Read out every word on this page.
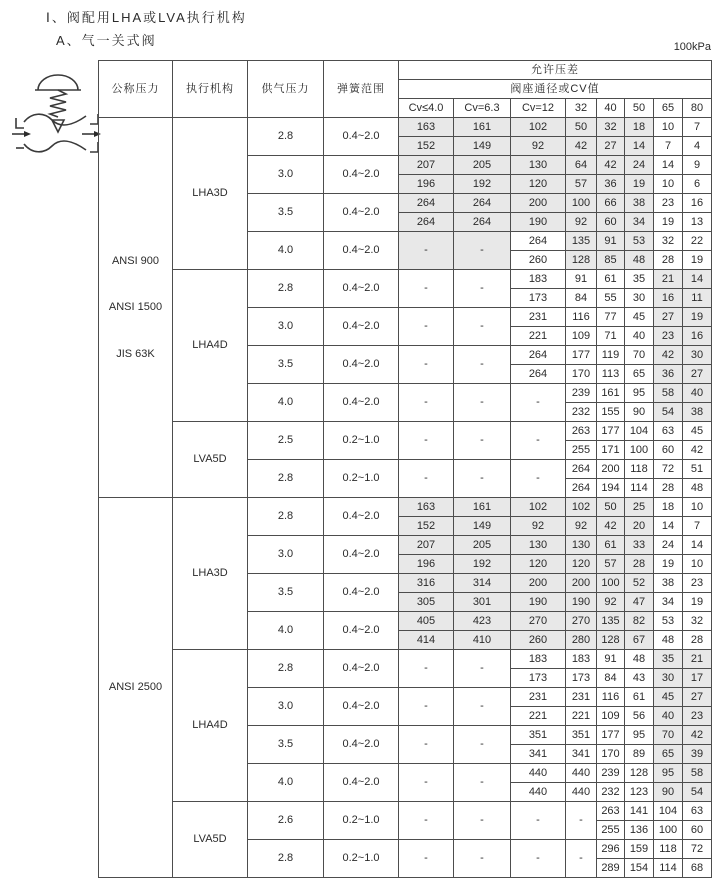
Ⅰ、阀配用LHA或LVA执行机构
A、气一关式阀	100kPa
公称压力	执行机构	供气压力	弹簧范围	允许压差							
				阀座通径或CV值							
				Cv≤4.0	Cv=6.3	Cv=12	32	40	50	65	80

ANSI 900
ANSI 1500
JIS 63K	LHA3D	2.8	0.4~2.0	163	161	102	50	32	18	10	7
				152	149	92	42	27	14	7	4
		3.0	0.4~2.0	207	205	130	64	42	24	14	9
				196	192	120	57	36	19	10	6
		3.5	0.4~2.0	264	264	200	100	66	38	23	16
				264	264	190	92	60	34	19	13
		4.0	0.4~2.0	-	-	264	135	91	53	32	22
						260	128	85	48	28	19
	LHA4D	2.8	0.4~2.0	-	-	183	91	61	35	21	14
						173	84	55	30	16	11
		3.0	0.4~2.0	-	-	231	116	77	45	27	19
						221	109	71	40	23	16
		3.5	0.4~2.0	-	-	264	177	119	70	42	30
						264	170	113	65	36	27
		4.0	0.4~2.0	-	-	-	239	161	95	58	40
							232	155	90	54	38
	LVA5D	2.5	0.2~1.0	-	-	-	263	177	104	63	45
							255	171	100	60	42
		2.8	0.2~1.0	-	-	-	264	200	118	72	51
							264	194	114	28	48

ANSI 2500	LHA3D	2.8	0.4~2.0	163	161	102	102	50	25	18	10
				152	149	92	92	42	20	14	7
		3.0	0.4~2.0	207	205	130	130	61	33	24	14
				196	192	120	120	57	28	19	10
		3.5	0.4~2.0	316	314	200	200	100	52	38	23
				305	301	190	190	92	47	34	19
		4.0	0.4~2.0	405	423	270	270	135	82	53	32
				414	410	260	280	128	67	48	28
	LHA4D	2.8	0.4~2.0	-	-	183	183	91	48	35	21
						173	173	84	43	30	17
		3.0	0.4~2.0	-	-	231	231	116	61	45	27
						221	221	109	56	40	23
		3.5	0.4~2.0	-	-	351	351	177	95	70	42
						341	341	170	89	65	39
		4.0	0.4~2.0	-	-	440	440	239	128	95	58
						440	440	232	123	90	54
	LVA5D	2.6	0.2~1.0	-	-	-	-	263	141	104	63
								255	136	100	60
		2.8	0.2~1.0	-	-	-	-	296	159	118	72
								289	154	114	68
